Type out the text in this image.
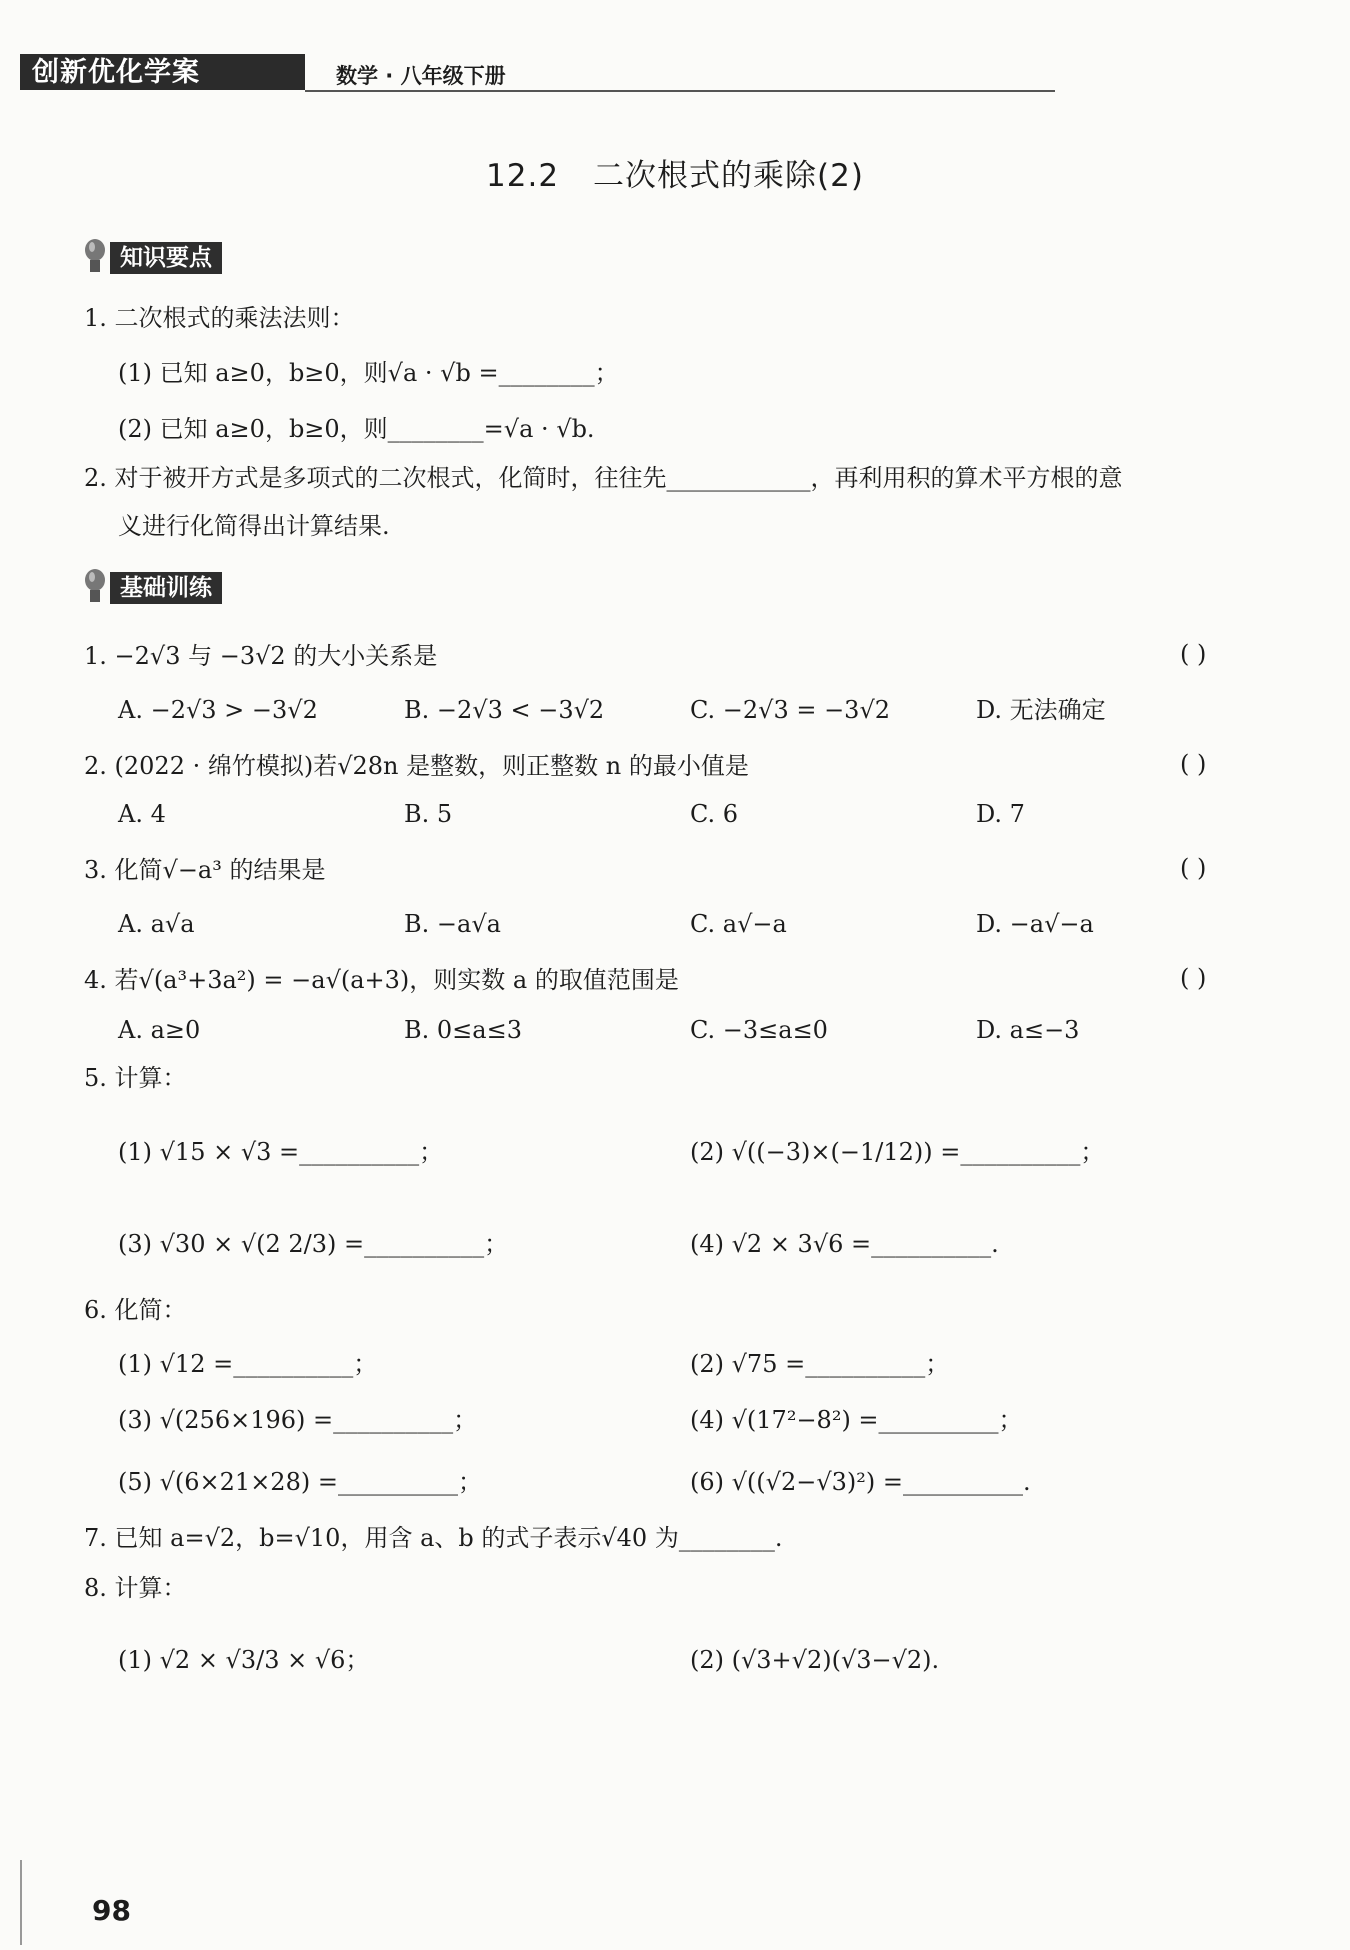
创新优化学案	数学 · 八年级下册
12.2 二次根式的乘除(2)
知识要点
1. 二次根式的乘法法则：
(1) 已知 a≥0，b≥0，则√a · √b =________；
(2) 已知 a≥0，b≥0，则________=√a · √b.
2. 对于被开方式是多项式的二次根式，化简时，往往先____________，再利用积的算术平方根的意
义进行化简得出计算结果.
基础训练
1. −2√3 与 −3√2 的大小关系是	( )
A. −2√3 > −3√2	B. −2√3 < −3√2	C. −2√3 = −3√2	D. 无法确定
2. (2022 · 绵竹模拟)若√28n 是整数，则正整数 n 的最小值是	( )
A. 4	B. 5	C. 6	D. 7
3. 化简√−a³ 的结果是	( )
A. a√a	B. −a√a	C. a√−a	D. −a√−a
4. 若√(a³+3a²) = −a√(a+3)，则实数 a 的取值范围是	( )
A. a≥0	B. 0≤a≤3	C. −3≤a≤0	D. a≤−3
5. 计算：
(1) √15 × √3 =__________；	(2) √((−3)×(−1/12)) =__________；
(3) √30 × √(2 2/3) =__________；	(4) √2 × 3√6 =__________.
6. 化简：
(1) √12 =__________；	(2) √75 =__________；
(3) √(256×196) =__________；	(4) √(17²−8²) =__________；
(5) √(6×21×28) =__________；	(6) √((√2−√3)²) =__________.
7. 已知 a=√2，b=√10，用含 a、b 的式子表示√40 为________.
8. 计算：
(1) √2 × √3/3 × √6；	(2) (√3+√2)(√3−√2).
98
